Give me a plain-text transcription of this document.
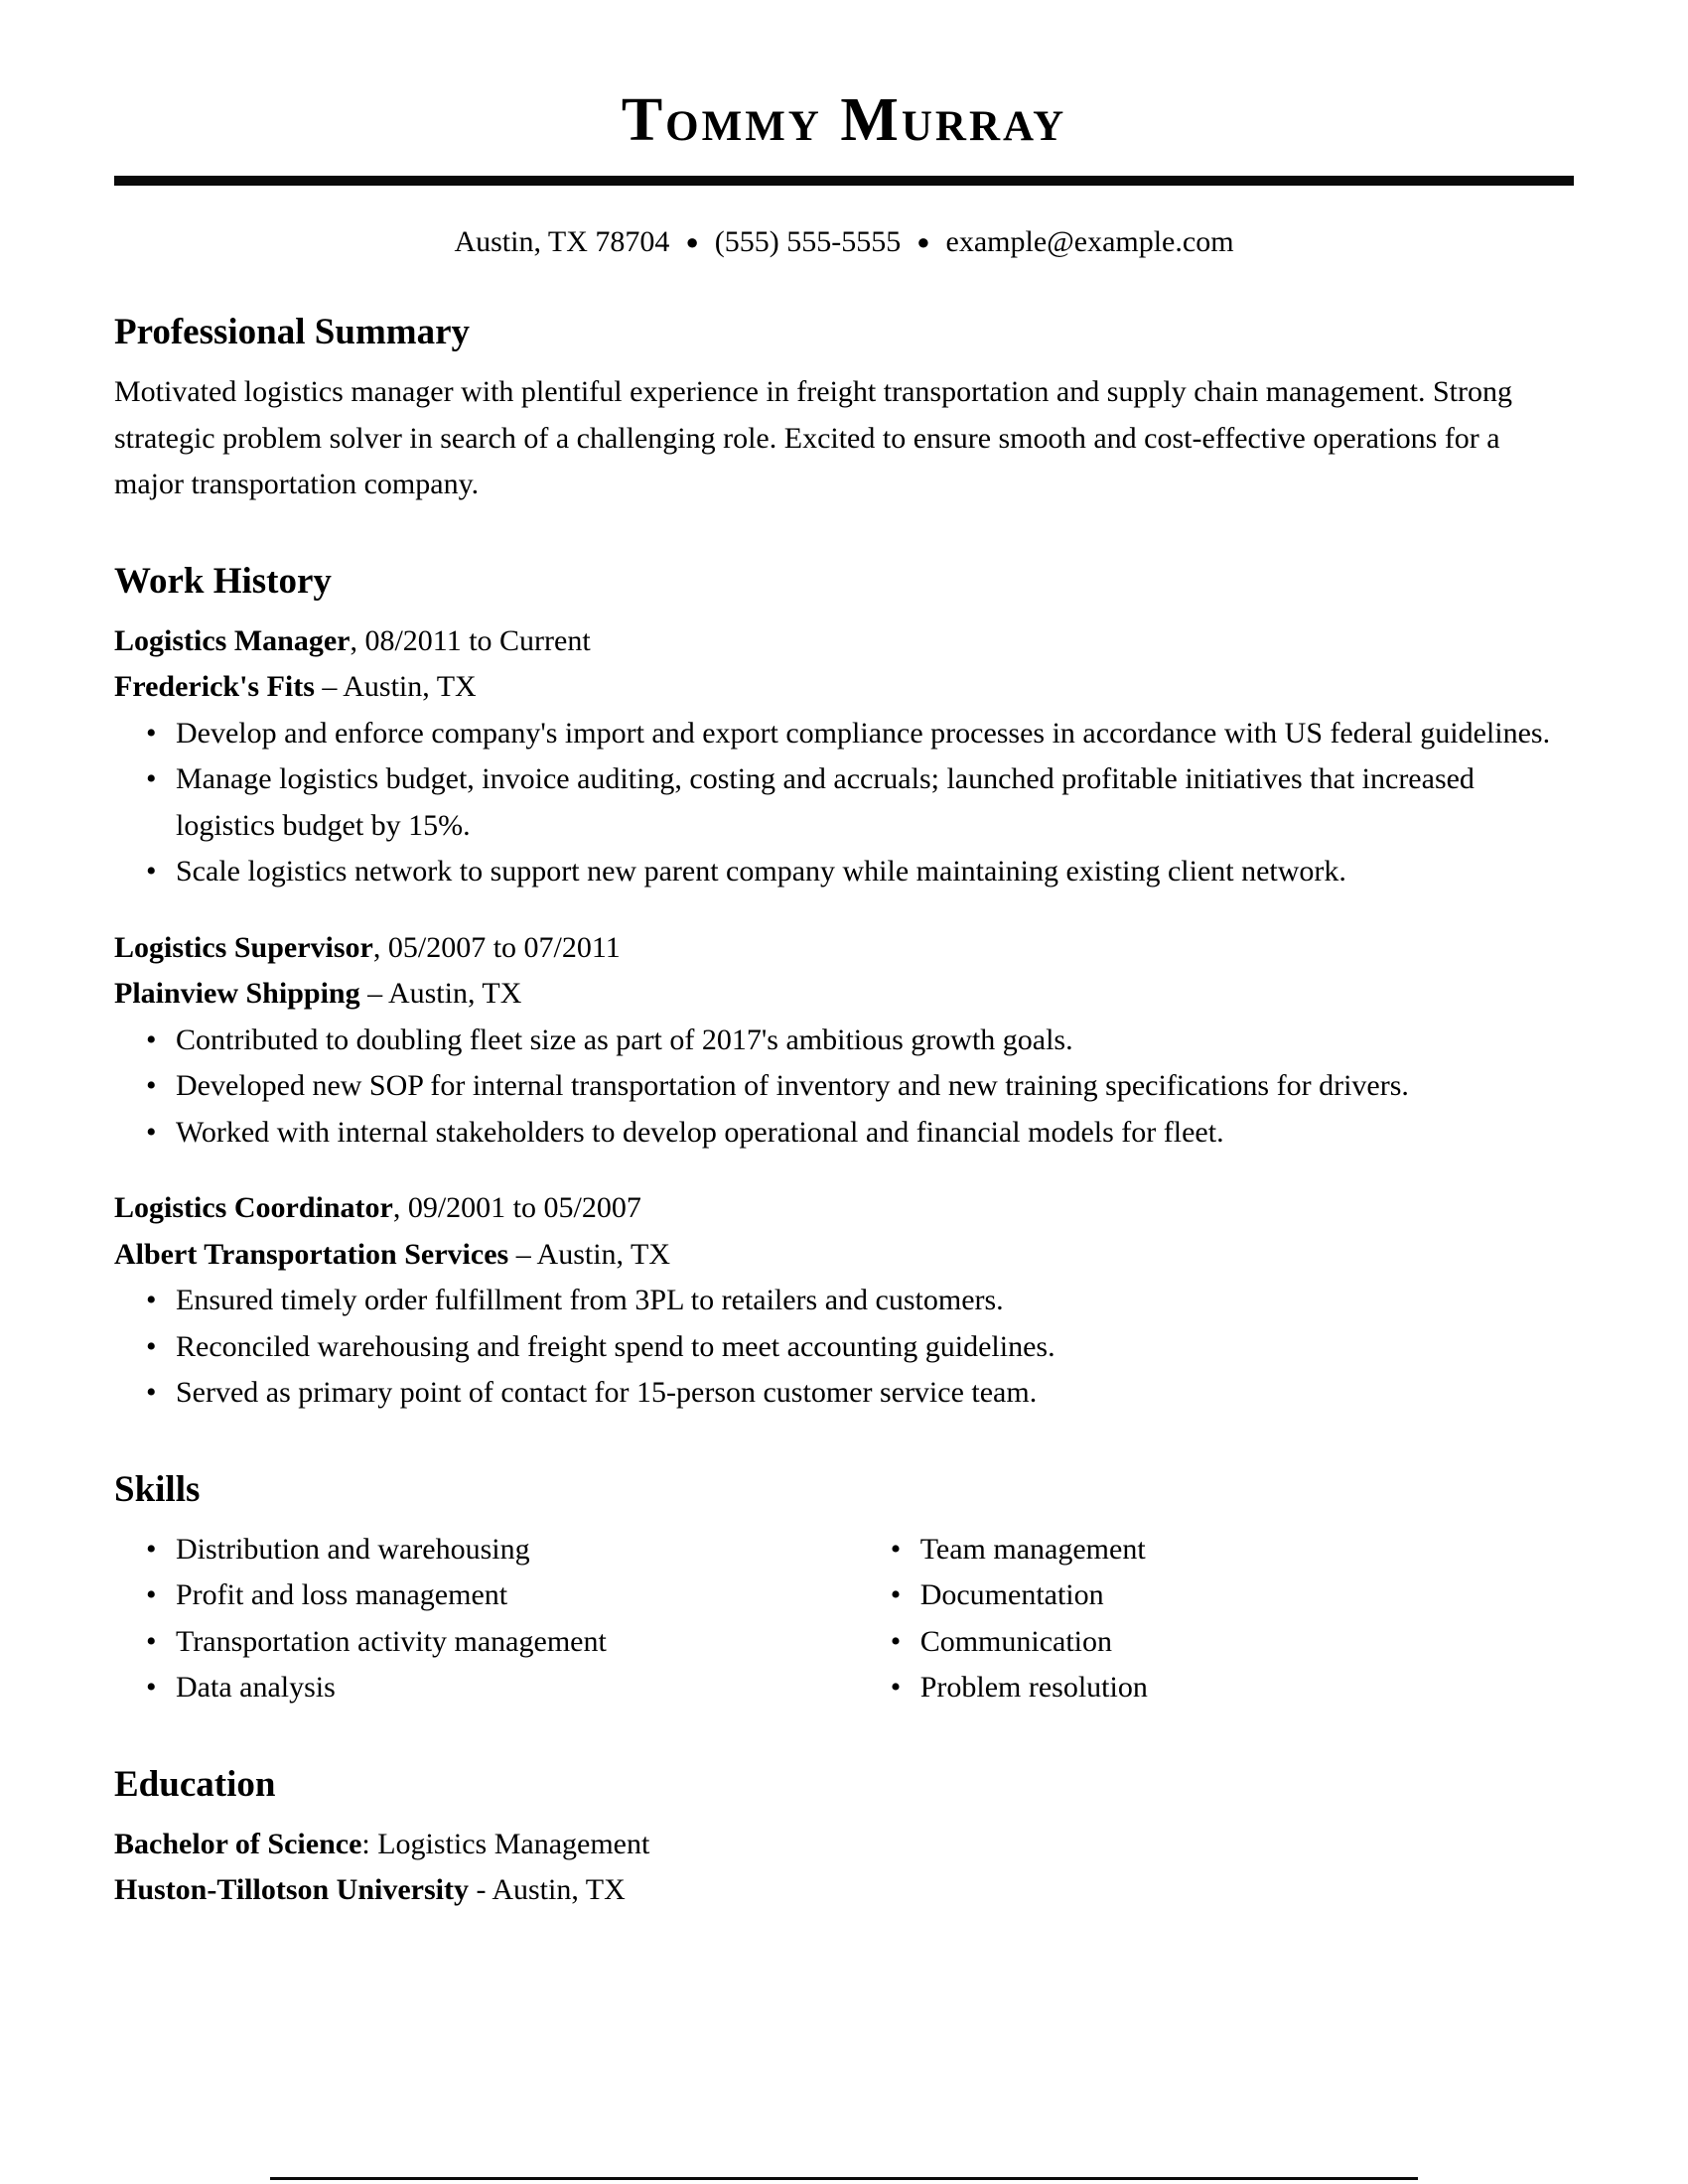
Tommy Murray
Austin, TX 78704 ● (555) 555-5555 ● example@example.com
Professional Summary

Motivated logistics manager with plentiful experience in freight transportation and supply chain management. Strong strategic problem solver in search of a challenging role. Excited to ensure smooth and cost-effective operations for a major transportation company.

Work History

Logistics Manager, 08/2011 to Current

Frederick's Fits – Austin, TX

• Develop and enforce company's import and export compliance processes in accordance with US federal guidelines.
• Manage logistics budget, invoice auditing, costing and accruals; launched profitable initiatives that increased logistics budget by 15%.
• Scale logistics network to support new parent company while maintaining existing client network.

Logistics Supervisor, 05/2007 to 07/2011

Plainview Shipping – Austin, TX

• Contributed to doubling fleet size as part of 2017's ambitious growth goals.
• Developed new SOP for internal transportation of inventory and new training specifications for drivers.
• Worked with internal stakeholders to develop operational and financial models for fleet.

Logistics Coordinator, 09/2001 to 05/2007

Albert Transportation Services – Austin, TX

• Ensured timely order fulfillment from 3PL to retailers and customers.
• Reconciled warehousing and freight spend to meet accounting guidelines.
• Served as primary point of contact for 15-person customer service team.
Skills
• Distribution and warehousing
• Profit and loss management
• Transportation activity management
• Data analysis
• Team management
• Documentation
• Communication
• Problem resolution
Education

Bachelor of Science: Logistics Management

Huston-Tillotson University - Austin, TX
